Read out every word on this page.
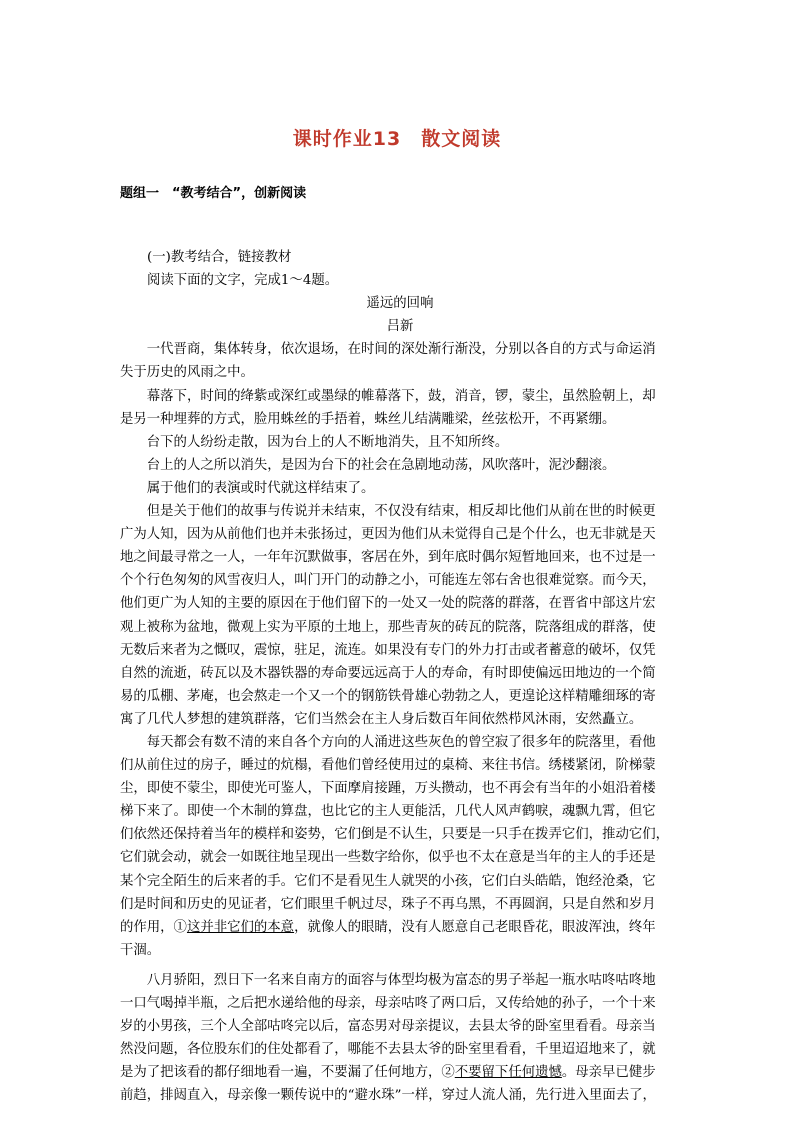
课时作业13　散文阅读
题组一　“教考结合”，创新阅读
(一)教考结合，链接教材
阅读下面的文字，完成1～4题。
遥远的回响
吕新
　　一代晋商，集体转身，依次退场，在时间的深处渐行渐没，分别以各自的方式与命运消
失于历史的风雨之中。
　　幕落下，时间的绛紫或深红或墨绿的帷幕落下，鼓，消音，锣，蒙尘，虽然脸朝上，却
是另一种埋葬的方式，脸用蛛丝的手捂着，蛛丝儿结满雕梁，丝弦松开，不再紧绷。
　　台下的人纷纷走散，因为台上的人不断地消失，且不知所终。
　　台上的人之所以消失，是因为台下的社会在急剧地动荡，风吹落叶，泥沙翻滚。
　　属于他们的表演或时代就这样结束了。
　　但是关于他们的故事与传说并未结束，不仅没有结束，相反却比他们从前在世的时候更
广为人知，因为从前他们也并未张扬过，更因为他们从未觉得自己是个什么，也无非就是天
地之间最寻常之一人，一年年沉默做事，客居在外，到年底时偶尔短暂地回来，也不过是一
个个行色匆匆的风雪夜归人，叫门开门的动静之小，可能连左邻右舍也很难觉察。而今天，
他们更广为人知的主要的原因在于他们留下的一处又一处的院落的群落，在晋省中部这片宏
观上被称为盆地，微观上实为平原的土地上，那些青灰的砖瓦的院落，院落组成的群落，使
无数后来者为之慨叹，震惊，驻足，流连。如果没有专门的外力打击或者蓄意的破坏，仅凭
自然的流逝，砖瓦以及木器铁器的寿命要远远高于人的寿命，有时即使偏远田地边的一个简
易的瓜棚、茅庵，也会熬走一个又一个的钢筋铁骨雄心勃勃之人，更遑论这样精雕细琢的寄
寓了几代人梦想的建筑群落，它们当然会在主人身后数百年间依然栉风沐雨，安然矗立。
　　每天都会有数不清的来自各个方向的人涌进这些灰色的曾空寂了很多年的院落里，看他
们从前住过的房子，睡过的炕榻，看他们曾经使用过的桌椅、来往书信。绣楼紧闭，阶梯蒙
尘，即使不蒙尘，即使光可鉴人，下面摩肩接踵，万头攒动，也不再会有当年的小姐沿着楼
梯下来了。即使一个木制的算盘，也比它的主人更能活，几代人风声鹤唳，魂飘九霄，但它
们依然还保持着当年的模样和姿势，它们倒是不认生，只要是一只手在拨弄它们，推动它们，
它们就会动，就会一如既往地呈现出一些数字给你，似乎也不太在意是当年的主人的手还是
某个完全陌生的后来者的手。它们不是看见生人就哭的小孩，它们白头皓皓，饱经沧桑，它
们是时间和历史的见证者，它们眼里千帆过尽，珠子不再乌黑，不再圆润，只是自然和岁月
的作用，①这并非它们的本意，就像人的眼睛，没有人愿意自己老眼昏花，眼波浑浊，终年
干涸。
　　八月骄阳，烈日下一名来自南方的面容与体型均极为富态的男子举起一瓶水咕咚咕咚地
一口气喝掉半瓶，之后把水递给他的母亲，母亲咕咚了两口后，又传给她的孙子，一个十来
岁的小男孩，三个人全部咕咚完以后，富态男对母亲提议，去县太爷的卧室里看看。母亲当
然没问题，各位股东们的住处都看了，哪能不去县太爷的卧室里看看，千里迢迢地来了，就
是为了把该看的都仔细地看一遍，不要漏了任何地方，②不要留下任何遗憾。母亲早已健步
前趋，排闼直入，母亲像一颗传说中的“避水珠”一样，穿过人流人涌，先行进入里面去了，
